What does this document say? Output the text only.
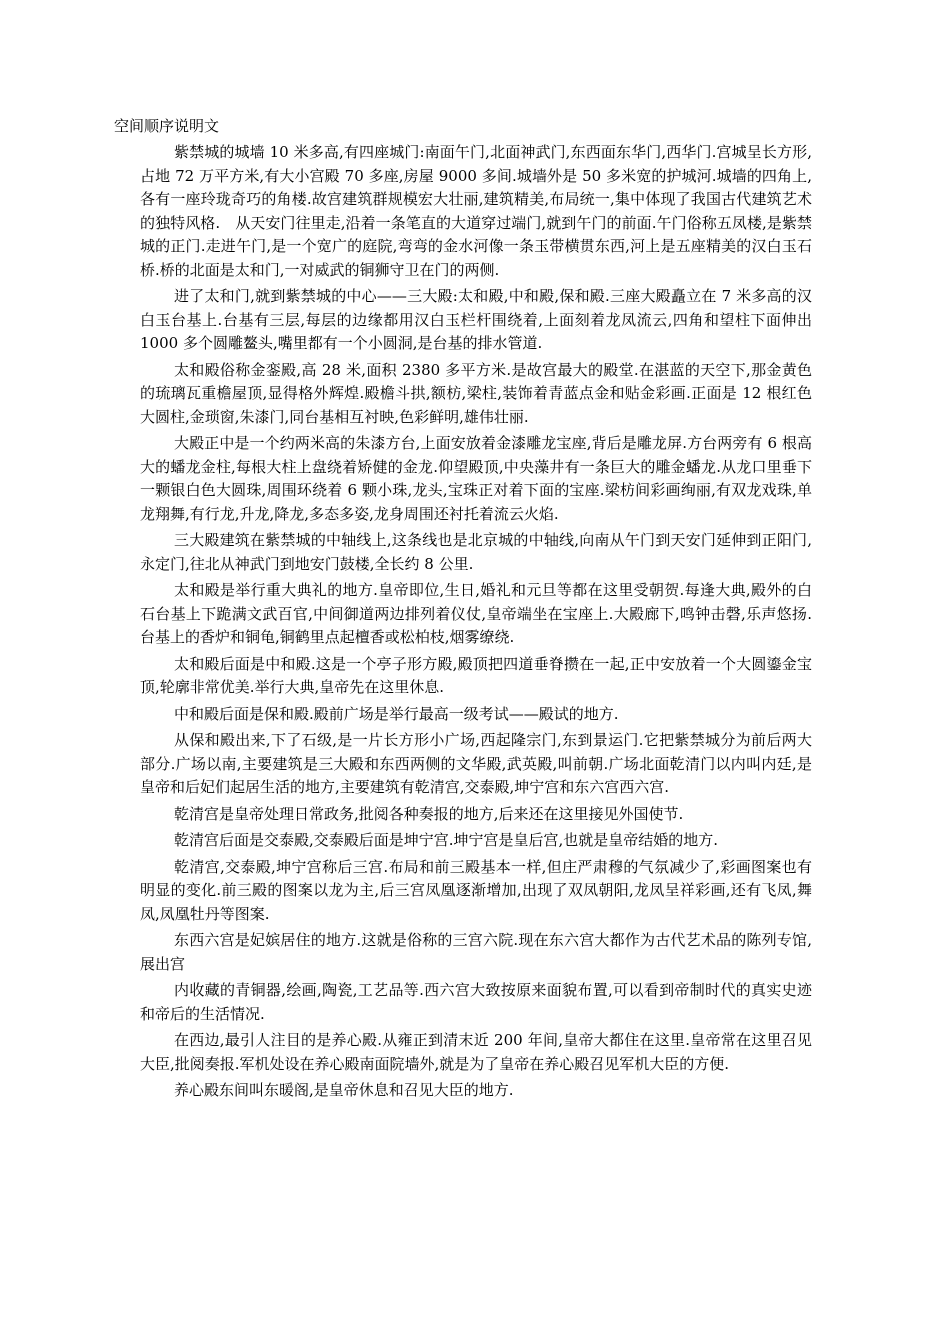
空间顺序说明文

紫禁城的城墙 10 米多高,有四座城门:南面午门,北面神武门,东西面东华门,西华门.宫城呈长方形,占地 72 万平方米,有大小宫殿 70 多座,房屋 9000 多间.城墙外是 50 多米宽的护城河.城墙的四角上,各有一座玲珑奇巧的角楼.故宫建筑群规模宏大壮丽,建筑精美,布局统一,集中体现了我国古代建筑艺术的独特风格.　从天安门往里走,沿着一条笔直的大道穿过端门,就到午门的前面.午门俗称五凤楼,是紫禁城的正门.走进午门,是一个宽广的庭院,弯弯的金水河像一条玉带横贯东西,河上是五座精美的汉白玉石桥.桥的北面是太和门,一对威武的铜狮守卫在门的两侧.

进了太和门,就到紫禁城的中心——三大殿:太和殿,中和殿,保和殿.三座大殿矗立在 7 米多高的汉白玉台基上.台基有三层,每层的边缘都用汉白玉栏杆围绕着,上面刻着龙凤流云,四角和望柱下面伸出 1000 多个圆雕鳌头,嘴里都有一个小圆洞,是台基的排水管道.

太和殿俗称金銮殿,高 28 米,面积 2380 多平方米.是故宫最大的殿堂.在湛蓝的天空下,那金黄色的琉璃瓦重檐屋顶,显得格外辉煌.殿檐斗拱,额枋,梁柱,装饰着青蓝点金和贴金彩画.正面是 12 根红色大圆柱,金琐窗,朱漆门,同台基相互衬映,色彩鲜明,雄伟壮丽.

大殿正中是一个约两米高的朱漆方台,上面安放着金漆雕龙宝座,背后是雕龙屏.方台两旁有 6 根高大的蟠龙金柱,每根大柱上盘绕着矫健的金龙.仰望殿顶,中央藻井有一条巨大的雕金蟠龙.从龙口里垂下一颗银白色大圆珠,周围环绕着 6 颗小珠,龙头,宝珠正对着下面的宝座.梁枋间彩画绚丽,有双龙戏珠,单龙翔舞,有行龙,升龙,降龙,多态多姿,龙身周围还衬托着流云火焰.

三大殿建筑在紫禁城的中轴线上,这条线也是北京城的中轴线,向南从午门到天安门延伸到正阳门,永定门,往北从神武门到地安门鼓楼,全长约 8 公里.

太和殿是举行重大典礼的地方.皇帝即位,生日,婚礼和元旦等都在这里受朝贺.每逢大典,殿外的白石台基上下跪满文武百官,中间御道两边排列着仪仗,皇帝端坐在宝座上.大殿廊下,鸣钟击磬,乐声悠扬.台基上的香炉和铜龟,铜鹤里点起檀香或松柏枝,烟雾缭绕.

太和殿后面是中和殿.这是一个亭子形方殿,殿顶把四道垂脊攒在一起,正中安放着一个大圆鎏金宝顶,轮廓非常优美.举行大典,皇帝先在这里休息.

中和殿后面是保和殿.殿前广场是举行最高一级考试——殿试的地方.

从保和殿出来,下了石级,是一片长方形小广场,西起隆宗门,东到景运门.它把紫禁城分为前后两大部分.广场以南,主要建筑是三大殿和东西两侧的文华殿,武英殿,叫前朝.广场北面乾清门以内叫内廷,是皇帝和后妃们起居生活的地方,主要建筑有乾清宫,交泰殿,坤宁宫和东六宫西六宫.

乾清宫是皇帝处理日常政务,批阅各种奏报的地方,后来还在这里接见外国使节.

乾清宫后面是交泰殿,交泰殿后面是坤宁宫.坤宁宫是皇后宫,也就是皇帝结婚的地方.

乾清宫,交泰殿,坤宁宫称后三宫.布局和前三殿基本一样,但庄严肃穆的气氛减少了,彩画图案也有明显的变化.前三殿的图案以龙为主,后三宫凤凰逐渐增加,出现了双凤朝阳,龙凤呈祥彩画,还有飞凤,舞凤,凤凰牡丹等图案.

东西六宫是妃嫔居住的地方.这就是俗称的三宫六院.现在东六宫大都作为古代艺术品的陈列专馆,展出宫

内收藏的青铜器,绘画,陶瓷,工艺品等.西六宫大致按原来面貌布置,可以看到帝制时代的真实史迹和帝后的生活情况.

在西边,最引人注目的是养心殿.从雍正到清末近 200 年间,皇帝大都住在这里.皇帝常在这里召见大臣,批阅奏报.军机处设在养心殿南面院墙外,就是为了皇帝在养心殿召见军机大臣的方便.

养心殿东间叫东暖阁,是皇帝休息和召见大臣的地方.
